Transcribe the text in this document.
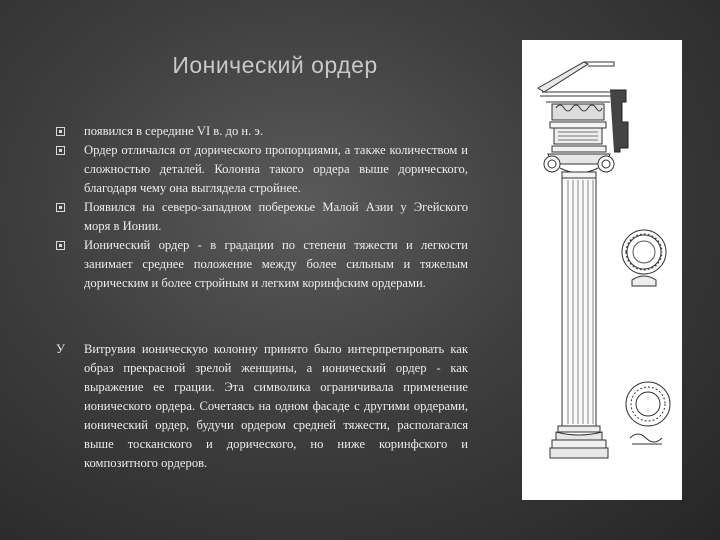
Ионический ордер
появился в середине VI в. до н. э.
Ордер отличался от дорического пропорциями, а также количеством и сложностью деталей. Колонна такого ордера выше дорического, благодаря чему она выглядела стройнее.
Появился на северо-западном побережье Малой Азии у Эгейского моря в Ионии.
Ионический ордер - в градации по степени тяжести и легкости занимает среднее положение между более сильным и тяжелым дорическим и более стройным и легким коринфским ордерами.
У Витрувия ионическую колонну принято было интерпретировать как образ прекрасной зрелой женщины, а ионический ордер - как выражение ее грации. Эта символика ограничивала применение ионического ордера. Сочетаясь на одном фасаде с другими ордерами, ионический ордер, будучи ордером средней тяжести, располагался выше тосканского и дорического, но ниже коринфского и композитного ордеров.
